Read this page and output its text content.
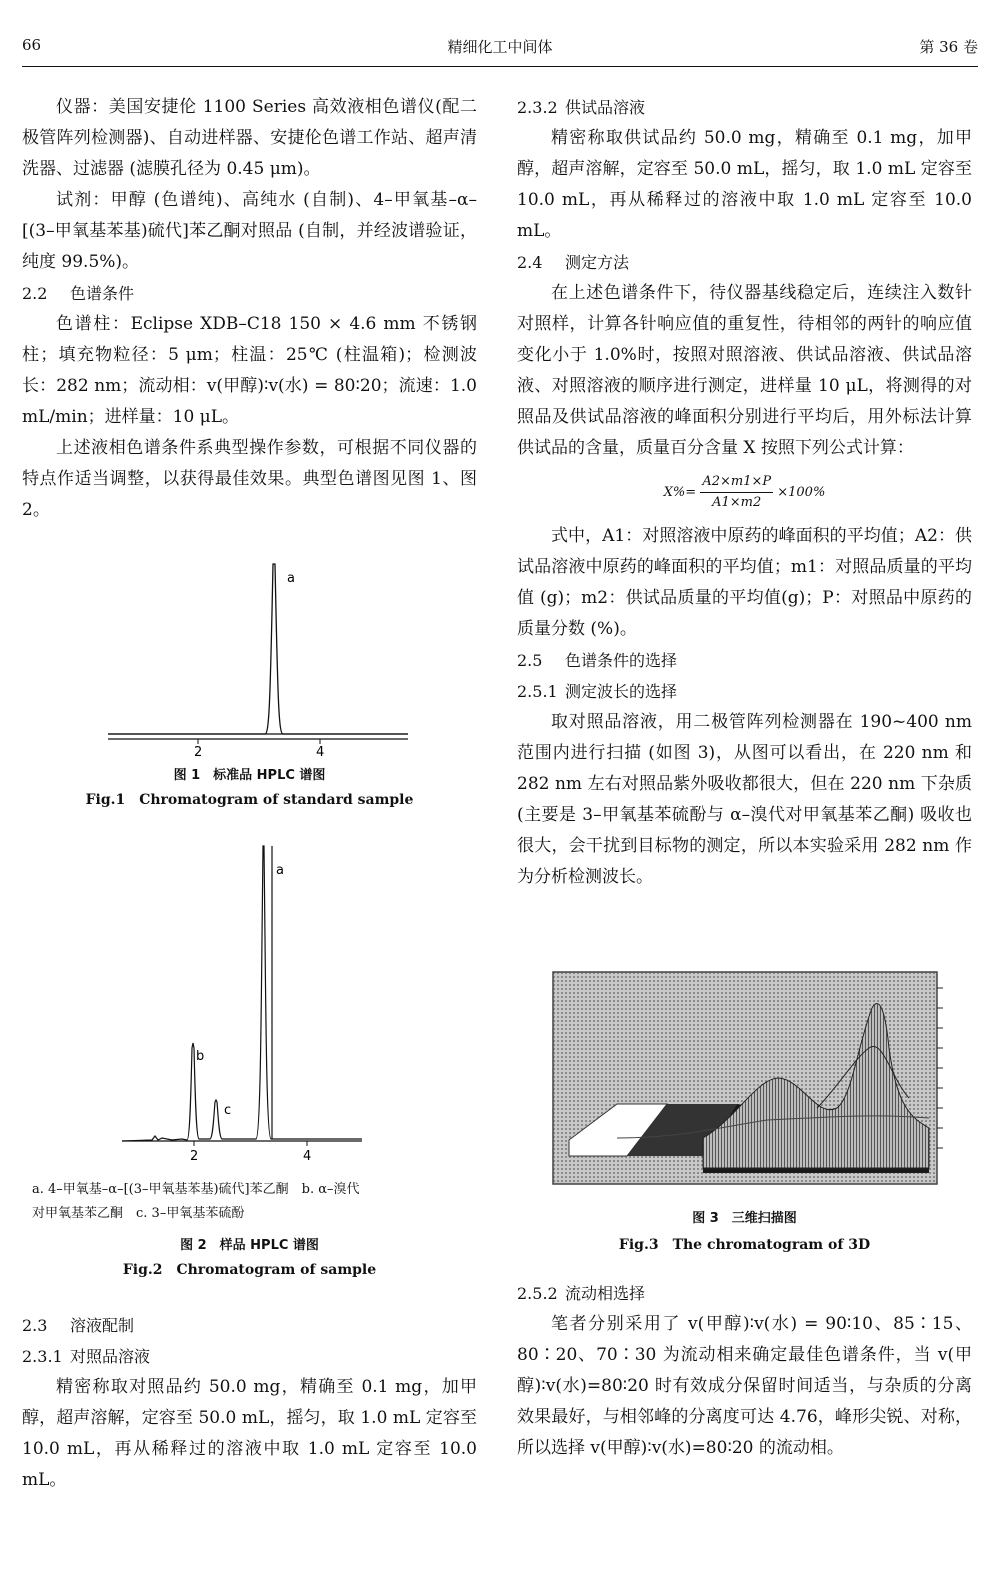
66	精细化工中间体	第 36 卷

仪器：美国安捷伦 1100 Series 高效液相色谱仪(配二极管阵列检测器)、自动进样器、安捷伦色谱工作站、超声清洗器、过滤器 (滤膜孔径为 0.45 μm)。

试剂：甲醇 (色谱纯)、高纯水 (自制)、4–甲氧基–α–[(3–甲氧基苯基)硫代]苯乙酮对照品 (自制，并经波谱验证，纯度 99.5%)。

2.2 色谱条件

色谱柱：Eclipse XDB–C18 150 × 4.6 mm 不锈钢柱；填充物粒径：5 μm；柱温：25℃ (柱温箱)；检测波长：282 nm；流动相：v(甲醇)∶v(水) = 80∶20；流速：1.0 mL/min；进样量：10 μL。

上述液相色谱条件系典型操作参数，可根据不同仪器的特点作适当调整，以获得最佳效果。典型色谱图见图 1、图 2。

a
2	4

图 1　标准品 HPLC 谱图

Fig.1　Chromatogram of standard sample

a
b
c
2	4

a. 4–甲氧基–α–[(3–甲氧基苯基)硫代]苯乙酮　b. α–溴代

对甲氧基苯乙酮　c. 3–甲氧基苯硫酚

图 2　样品 HPLC 谱图

Fig.2　Chromatogram of sample

2.3 溶液配制

2.3.1 对照品溶液

精密称取对照品约 50.0 mg，精确至 0.1 mg，加甲醇，超声溶解，定容至 50.0 mL，摇匀，取 1.0 mL 定容至 10.0 mL，再从稀释过的溶液中取 1.0 mL 定容至 10.0 mL。

2.3.2 供试品溶液

精密称取供试品约 50.0 mg，精确至 0.1 mg，加甲醇，超声溶解，定容至 50.0 mL，摇匀，取 1.0 mL 定容至 10.0 mL，再从稀释过的溶液中取 1.0 mL 定容至 10.0 mL。

2.4 测定方法

在上述色谱条件下，待仪器基线稳定后，连续注入数针对照样，计算各针响应值的重复性，待相邻的两针的响应值变化小于 1.0%时，按照对照溶液、供试品溶液、供试品溶液、对照溶液的顺序进行测定，进样量 10 μL，将测得的对照品及供试品溶液的峰面积分别进行平均后，用外标法计算供试品的含量，质量百分含量 X 按照下列公式计算：

$X\%= \frac{A2\times m1\times P}{A1\times m2} \times 100\%$

式中，A1：对照溶液中原药的峰面积的平均值；A2：供试品溶液中原药的峰面积的平均值；m1：对照品质量的平均值 (g)；m2：供试品质量的平均值(g)；P：对照品中原药的质量分数 (%)。

2.5 色谱条件的选择

2.5.1 测定波长的选择

取对照品溶液，用二极管阵列检测器在 190~400 nm 范围内进行扫描 (如图 3)，从图可以看出，在 220 nm 和 282 nm 左右对照品紫外吸收都很大，但在 220 nm 下杂质 (主要是 3–甲氧基苯硫酚与 α–溴代对甲氧基苯乙酮) 吸收也很大，会干扰到目标物的测定，所以本实验采用 282 nm 作为分析检测波长。

图 3　三维扫描图

Fig.3　The chromatogram of 3D

2.5.2 流动相选择

笔者分别采用了 v(甲醇)∶v(水) = 90∶10、85∶15、80∶20、70∶30 为流动相来确定最佳色谱条件，当 v(甲醇)∶v(水)=80∶20 时有效成分保留时间适当，与杂质的分离效果最好，与相邻峰的分离度可达 4.76，峰形尖锐、对称，所以选择 v(甲醇)∶v(水)=80∶20 的流动相。
